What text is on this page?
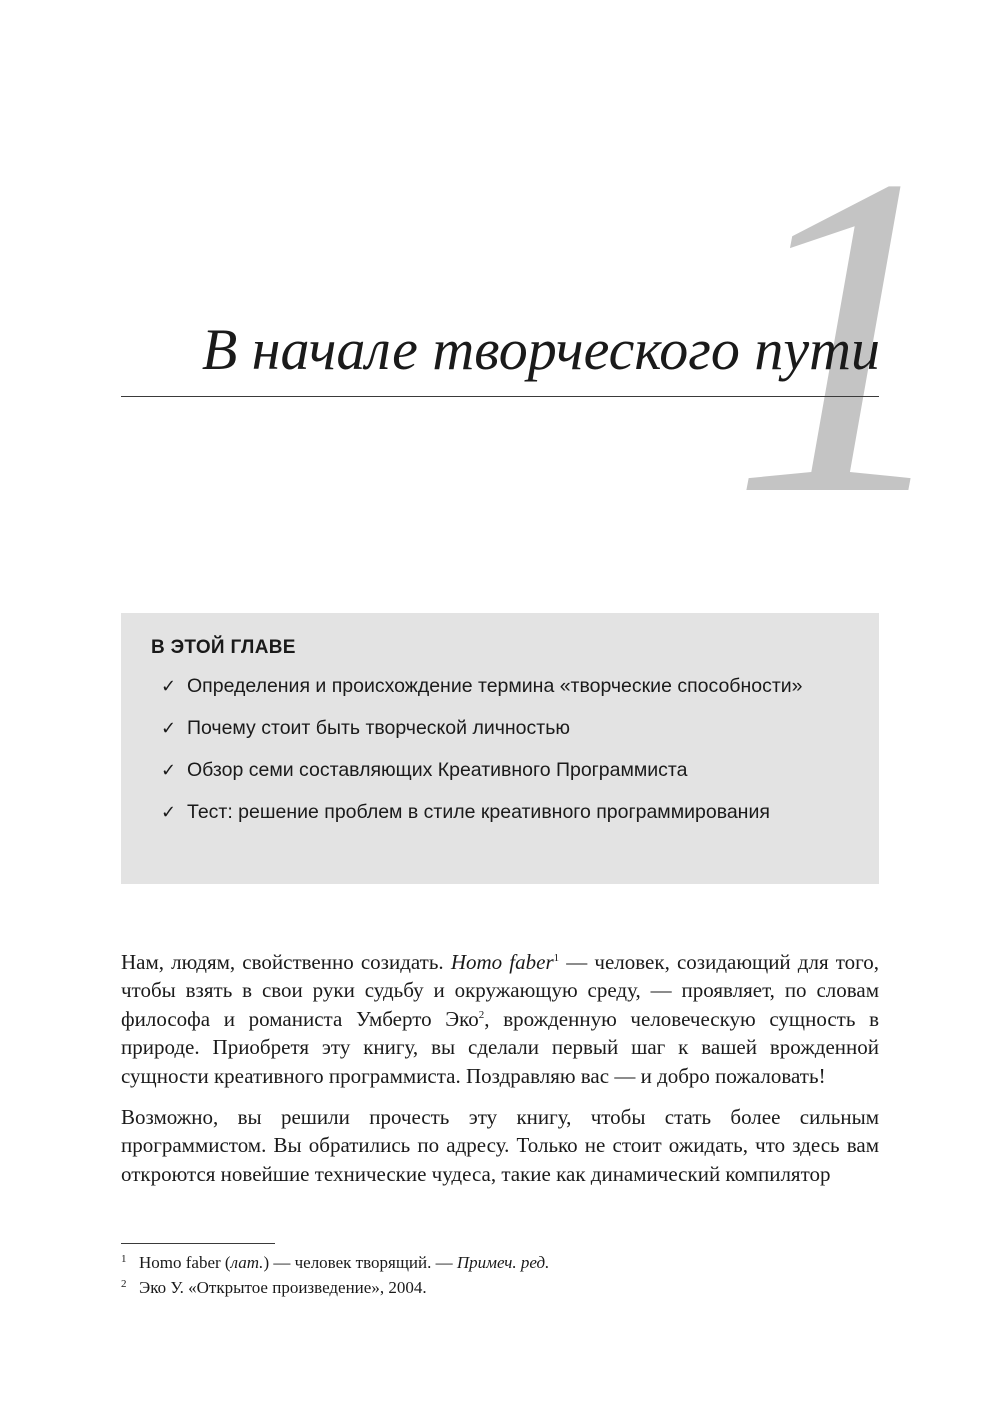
1
В начале творческого пути
В ЭТОЙ ГЛАВЕ
✓ Определения и происхождение термина «творческие способности»
✓ Почему стоит быть творческой личностью
✓ Обзор семи составляющих Креативного Программиста
✓ Тест: решение проблем в стиле креативного программирования

Нам, людям, свойственно созидать. Homo faber$^1$ — человек, созидающий для того, чтобы взять в свои руки судьбу и окружающую среду, — проявляет, по словам философа и романиста Умберто Эко$^2$, врожденную человеческую сущность в природе. Приобретя эту книгу, вы сделали первый шаг к вашей врожденной сущности креативного программиста. Поздравляю вас — и добро пожаловать!

Возможно, вы решили прочесть эту книгу, чтобы стать более сильным программистом. Вы обратились по адресу. Только не стоит ожидать, что здесь вам откроются новейшие технические чудеса, такие как динамический компилятор

1 Homo faber (лат.) — человек творящий. — Примеч. ред.
2 Эко У. «Открытое произведение», 2004.
